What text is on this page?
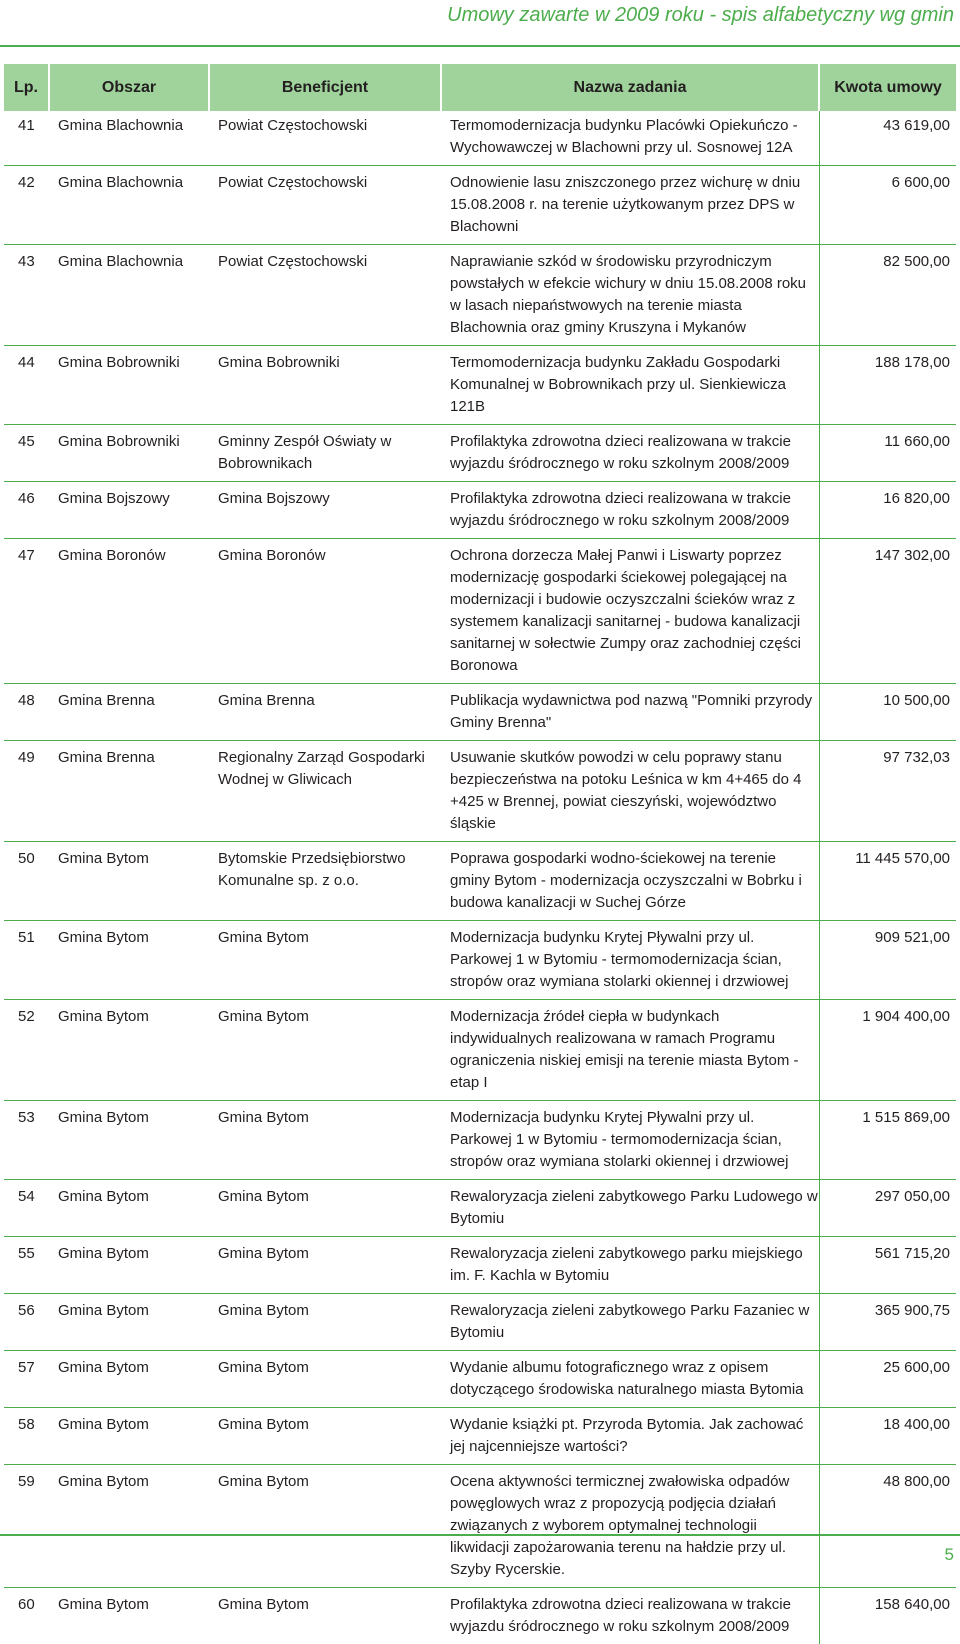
Umowy zawarte w 2009 roku - spis alfabetyczny wg gmin
Lp.	Obszar	Beneficjent	Nazwa zadania	Kwota umowy
41	Gmina Blachownia	Powiat Częstochowski	Termomodernizacja budynku Placówki Opiekuńczo - Wychowawczej w Blachowni przy ul. Sosnowej 12A	43 619,00
42	Gmina Blachownia	Powiat Częstochowski	Odnowienie lasu zniszczonego przez wichurę w dniu 15.08.2008 r. na terenie użytkowanym przez DPS w Blachowni	6 600,00
43	Gmina Blachownia	Powiat Częstochowski	Naprawianie szkód w środowisku przyrodniczym powstałych w efekcie wichury w dniu 15.08.2008 roku w lasach niepaństwowych na terenie miasta Blachownia oraz gminy Kruszyna i Mykanów	82 500,00
44	Gmina Bobrowniki	Gmina Bobrowniki	Termomodernizacja budynku Zakładu Gospodarki Komunalnej w Bobrownikach przy ul. Sienkiewicza 121B	188 178,00
45	Gmina Bobrowniki	Gminny Zespół Oświaty w Bobrownikach	Profilaktyka zdrowotna dzieci realizowana w trakcie wyjazdu śródrocznego w roku szkolnym 2008/2009	11 660,00
46	Gmina Bojszowy	Gmina Bojszowy	Profilaktyka zdrowotna dzieci realizowana w trakcie wyjazdu śródrocznego w roku szkolnym 2008/2009	16 820,00
47	Gmina Boronów	Gmina Boronów	Ochrona dorzecza Małej Panwi i Liswarty poprzez modernizację gospodarki ściekowej polegającej na modernizacji i budowie oczyszczalni ścieków wraz z systemem kanalizacji sanitarnej - budowa kanalizacji sanitarnej w sołectwie Zumpy oraz zachodniej części Boronowa	147 302,00
48	Gmina Brenna	Gmina Brenna	Publikacja wydawnictwa pod nazwą "Pomniki przyrody Gminy Brenna"	10 500,00
49	Gmina Brenna	Regionalny Zarząd Gospodarki Wodnej w Gliwicach	Usuwanie skutków powodzi w celu poprawy stanu bezpieczeństwa na potoku Leśnica w km 4+465 do 4 +425 w Brennej, powiat cieszyński, województwo śląskie	97 732,03
50	Gmina Bytom	Bytomskie Przedsiębiorstwo Komunalne sp. z o.o.	Poprawa gospodarki wodno-ściekowej na terenie gminy Bytom - modernizacja oczyszczalni w Bobrku i budowa kanalizacji w Suchej Górze	11 445 570,00
51	Gmina Bytom	Gmina Bytom	Modernizacja budynku Krytej Pływalni przy ul. Parkowej 1 w Bytomiu - termomodernizacja ścian, stropów oraz wymiana stolarki okiennej i drzwiowej	909 521,00
52	Gmina Bytom	Gmina Bytom	Modernizacja źródeł ciepła w budynkach indywidualnych realizowana w ramach Programu ograniczenia niskiej emisji na terenie miasta Bytom - etap I	1 904 400,00
53	Gmina Bytom	Gmina Bytom	Modernizacja budynku Krytej Pływalni przy ul. Parkowej 1 w Bytomiu - termomodernizacja ścian, stropów oraz wymiana stolarki okiennej i drzwiowej	1 515 869,00
54	Gmina Bytom	Gmina Bytom	Rewaloryzacja zieleni zabytkowego Parku Ludowego w Bytomiu	297 050,00
55	Gmina Bytom	Gmina Bytom	Rewaloryzacja zieleni zabytkowego parku miejskiego im. F. Kachla w Bytomiu	561 715,20
56	Gmina Bytom	Gmina Bytom	Rewaloryzacja zieleni zabytkowego Parku Fazaniec w Bytomiu	365 900,75
57	Gmina Bytom	Gmina Bytom	Wydanie albumu fotograficznego wraz z opisem dotyczącego środowiska naturalnego miasta Bytomia	25 600,00
58	Gmina Bytom	Gmina Bytom	Wydanie książki pt. Przyroda Bytomia. Jak zachować jej najcenniejsze wartości?	18 400,00
59	Gmina Bytom	Gmina Bytom	Ocena aktywności termicznej zwałowiska odpadów powęglowych wraz z propozycją podjęcia działań związanych z wyborem optymalnej technologii likwidacji zapożarowania terenu na hałdzie przy ul. Szyby Rycerskie.	48 800,00
60	Gmina Bytom	Gmina Bytom	Profilaktyka zdrowotna dzieci realizowana w trakcie wyjazdu śródrocznego w roku szkolnym 2008/2009	158 640,00
5
